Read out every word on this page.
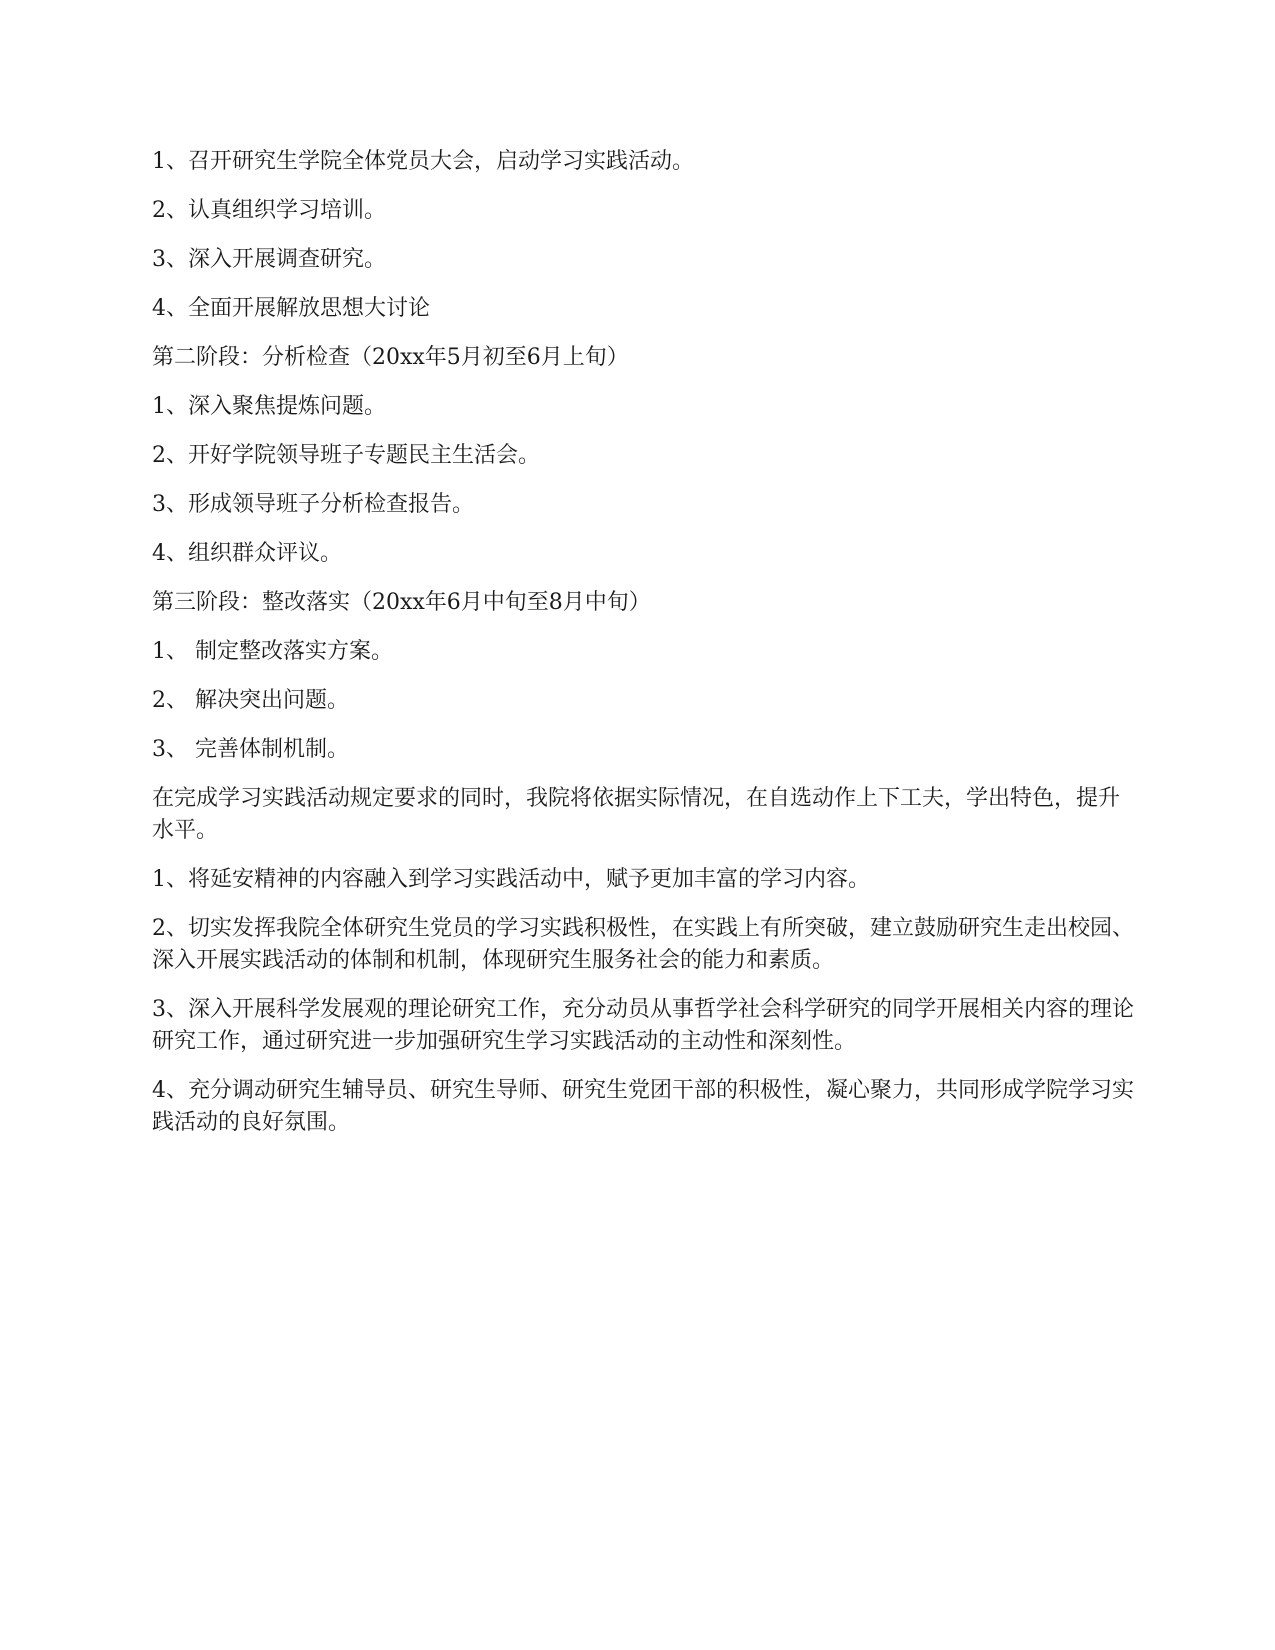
1、召开研究生学院全体党员大会，启动学习实践活动。

2、认真组织学习培训。

3、深入开展调查研究。

4、全面开展解放思想大讨论

第二阶段：分析检查（20xx年5月初至6月上旬）

1、深入聚焦提炼问题。

2、开好学院领导班子专题民主生活会。

3、形成领导班子分析检查报告。

4、组织群众评议。

第三阶段：整改落实（20xx年6月中旬至8月中旬）

1、 制定整改落实方案。

2、 解决突出问题。

3、 完善体制机制。

在完成学习实践活动规定要求的同时，我院将依据实际情况，在自选动作上下工夫，学出特色，提升水平。

1、将延安精神的内容融入到学习实践活动中，赋予更加丰富的学习内容。

2、切实发挥我院全体研究生党员的学习实践积极性，在实践上有所突破，建立鼓励研究生走出校园、深入开展实践活动的体制和机制，体现研究生服务社会的能力和素质。

3、深入开展科学发展观的理论研究工作，充分动员从事哲学社会科学研究的同学开展相关内容的理论研究工作，通过研究进一步加强研究生学习实践活动的主动性和深刻性。

4、充分调动研究生辅导员、研究生导师、研究生党团干部的积极性，凝心聚力，共同形成学院学习实践活动的良好氛围。
